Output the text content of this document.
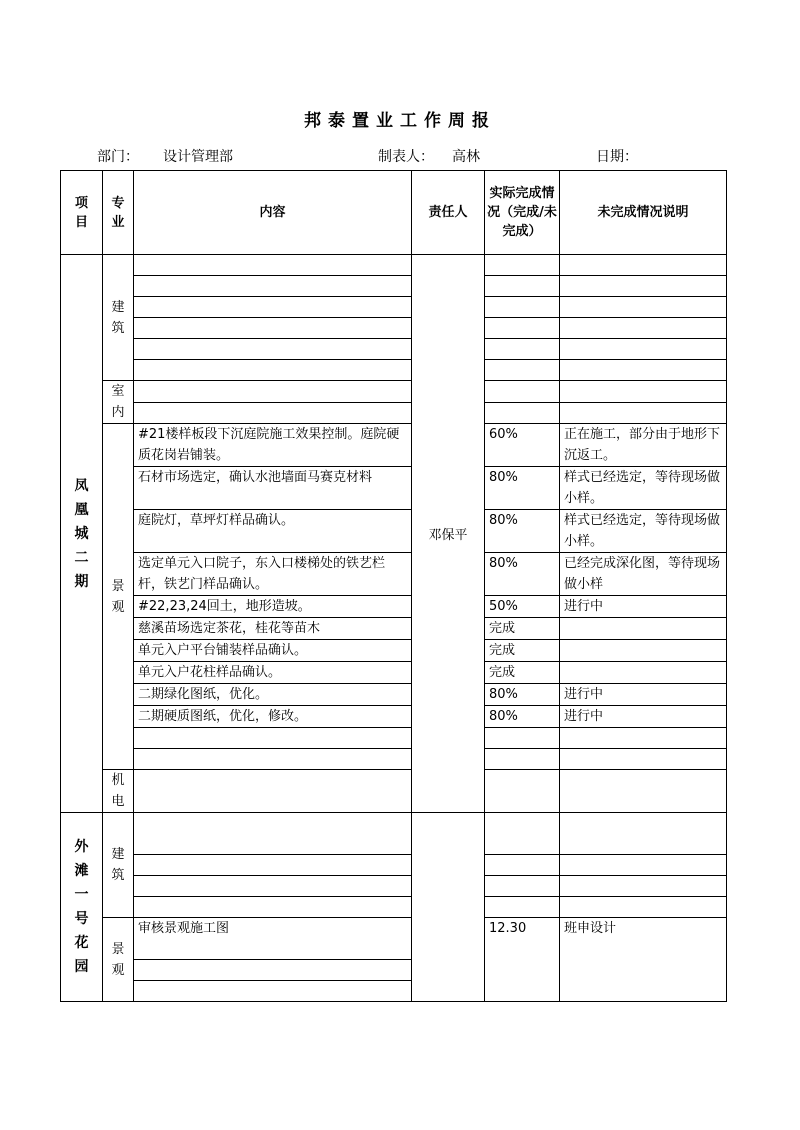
邦泰置业工作周报
部门： 设计管理部	制表人： 高林	日期：
项目	专业	内容	责任人	实际完成情况（完成/未完成）	未完成情况说明
凤凰城二期	建筑		邓保平		

	室内				

	景观	#21楼样板段下沉庭院施工效果控制。庭院硬质花岗岩铺装。		60%	正在施工，部分由于地形下沉返工。

		石材市场选定，确认水池墙面马赛克材料		80%	样式已经选定，等待现场做小样。

		庭院灯，草坪灯样品确认。		80%	样式已经选定，等待现场做小样。

		选定单元入口院子，东入口楼梯处的铁艺栏杆，铁艺门样品确认。		80%	已经完成深化图，等待现场做小样

		#22,23,24回土，地形造坡。		50%	进行中
		慈溪苗场选定茶花，桂花等苗木		完成	
		单元入户平台铺装样品确认。		完成	
		单元入户花柱样品确认。		完成	
		二期绿化图纸，优化。		80%	进行中
		二期硬质图纸，优化，修改。		80%	进行中

	机电				

外滩一号花园	建筑				

	景观	审核景观施工图		12.30	班申设计
